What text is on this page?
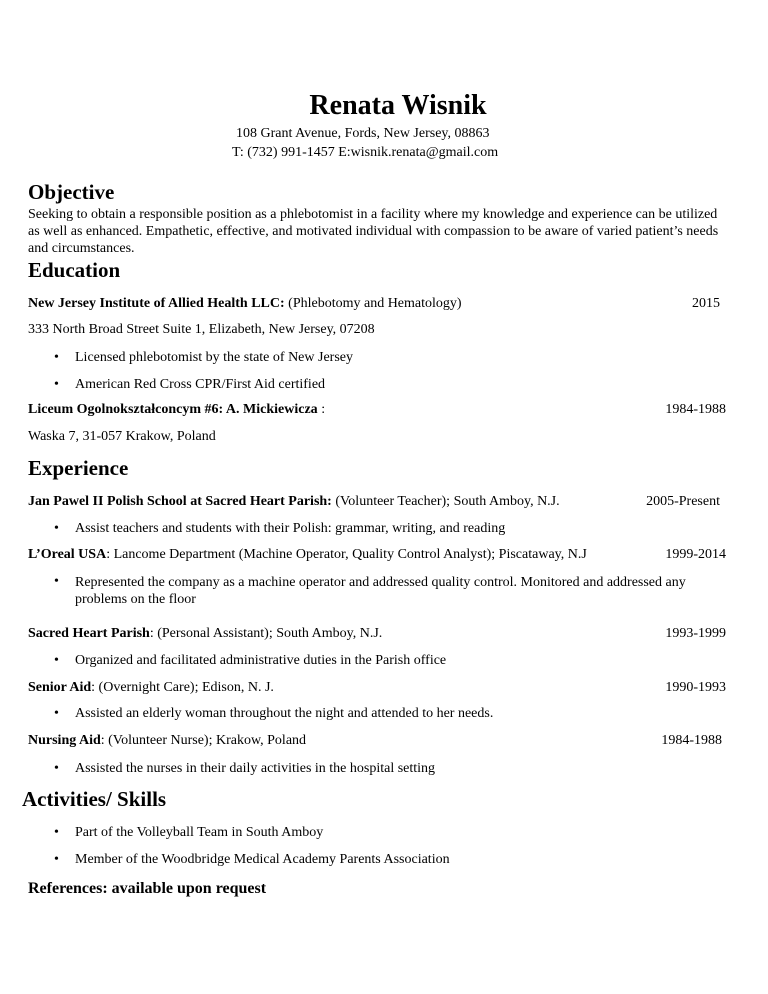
Renata Wisnik
108 Grant Avenue, Fords, New Jersey, 08863
T: (732) 991-1457 E:wisnik.renata@gmail.com
Objective
Seeking to obtain a responsible position as a phlebotomist in a facility where my knowledge and experience can be utilized as well as enhanced. Empathetic, effective, and motivated individual with compassion to be aware of varied patient’s needs and circumstances.
Education
New Jersey Institute of Allied Health LLC: (Phlebotomy and Hematology)	2015
333 North Broad Street Suite 1, Elizabeth, New Jersey, 07208
• Licensed phlebotomist by the state of New Jersey
• American Red Cross CPR/First Aid certified
Liceum Ogolnokształconcym #6: A. Mickiewicza :	1984-1988
Waska 7, 31-057 Krakow, Poland
Experience
Jan Pawel II Polish School at Sacred Heart Parish: (Volunteer Teacher); South Amboy, N.J.	2005-Present
• Assist teachers and students with their Polish: grammar, writing, and reading
L’Oreal USA: Lancome Department (Machine Operator, Quality Control Analyst); Piscataway, N.J	1999-2014
• Represented the company as a machine operator and addressed quality control. Monitored and addressed any problems on the floor
Sacred Heart Parish: (Personal Assistant); South Amboy, N.J.	1993-1999
• Organized and facilitated administrative duties in the Parish office
Senior Aid: (Overnight Care); Edison, N. J.	1990-1993
• Assisted an elderly woman throughout the night and attended to her needs.
Nursing Aid: (Volunteer Nurse); Krakow, Poland	1984-1988
• Assisted the nurses in their daily activities in the hospital setting
Activities/ Skills
• Part of the Volleyball Team in South Amboy
• Member of the Woodbridge Medical Academy Parents Association
References: available upon request
